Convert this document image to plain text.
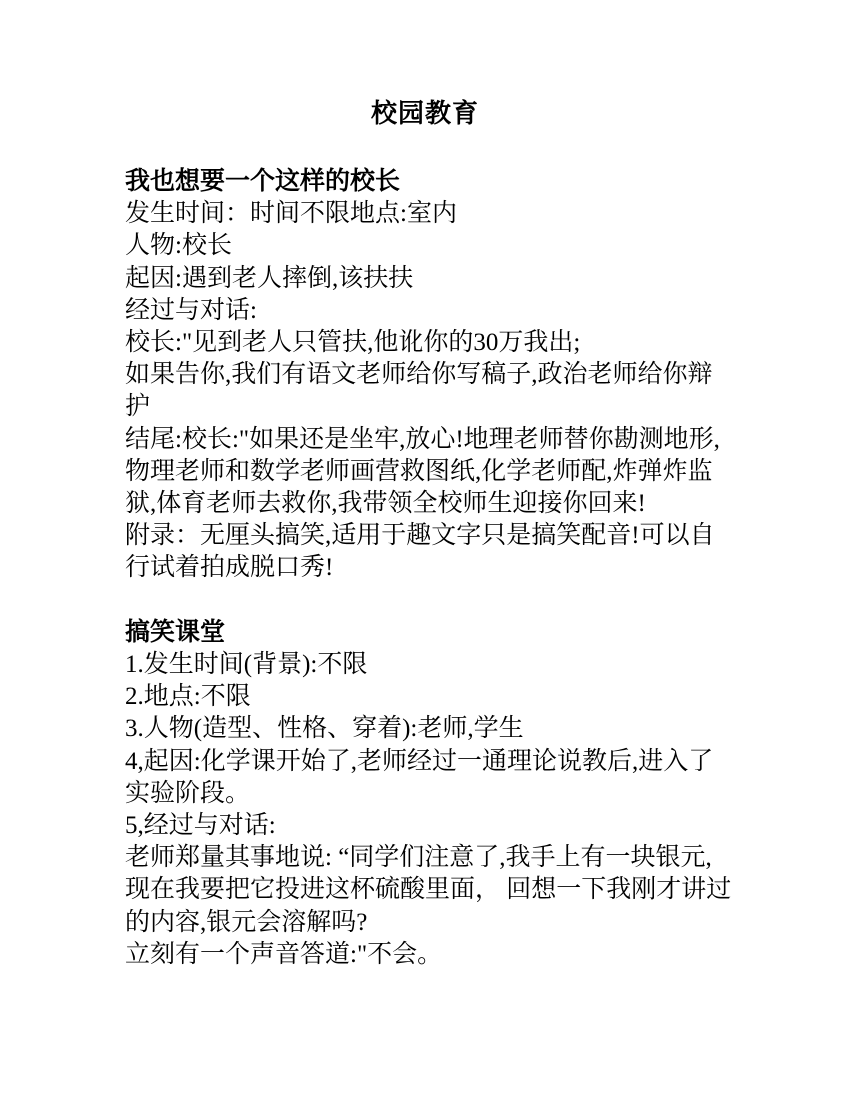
校园教育
我也想要一个这样的校长
发生时间：时间不限地点:室内
人物:校长
起因:遇到老人摔倒,该扶扶
经过与对话:
校长:"见到老人只管扶,他讹你的30万我出;
如果告你,我们有语文老师给你写稿子,政治老师给你辩
护
结尾:校长:"如果还是坐牢,放心!地理老师替你勘测地形,
物理老师和数学老师画营救图纸,化学老师配,炸弹炸监
狱,体育老师去救你,我带领全校师生迎接你回来!
附录：无厘头搞笑,适用于趣文字只是搞笑配音!可以自
行试着拍成脱口秀!
搞笑课堂
1.发生时间(背景):不限
2.地点:不限
3.人物(造型、性格、穿着):老师,学生
4,起因:化学课开始了,老师经过一通理论说教后,进入了
实验阶段。
5,经过与对话:
老师郑量其事地说: “同学们注意了,我手上有一块银元,
现在我要把它投进这杯硫酸里面， 回想一下我刚才讲过
的内容,银元会溶解吗?
立刻有一个声音答道:"不会。
